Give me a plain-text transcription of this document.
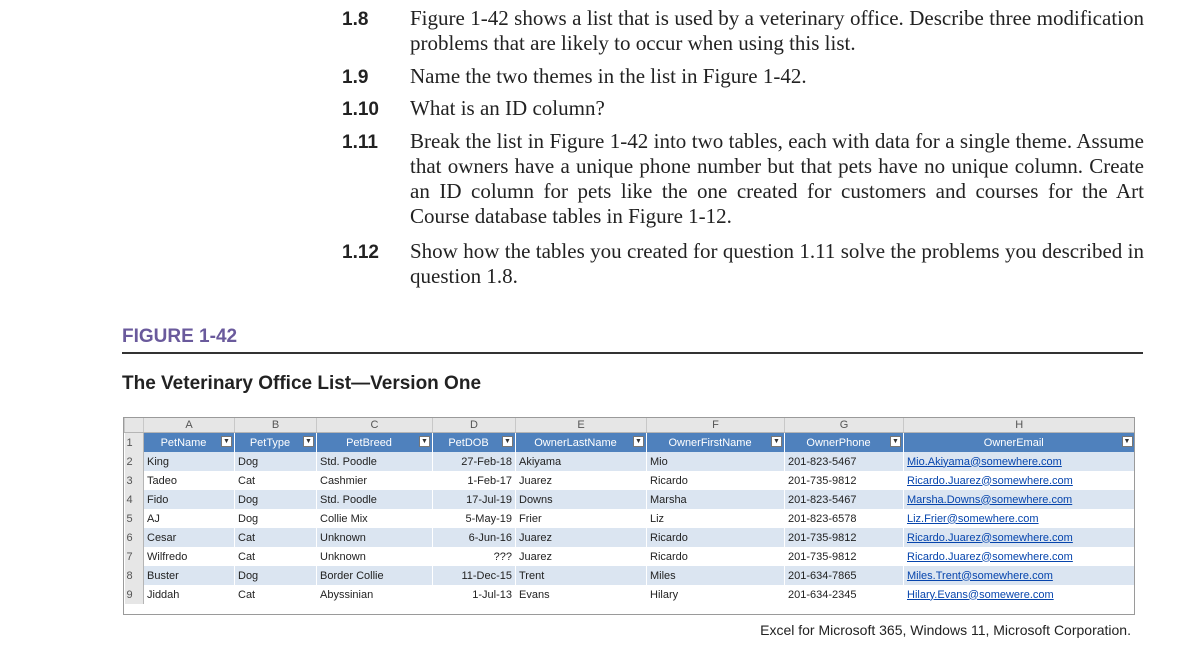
1.8 Figure 1-42 shows a list that is used by a veterinary office. Describe three modification problems that are likely to occur when using this list.
1.9 Name the two themes in the list in Figure 1-42.
1.10 What is an ID column?
1.11 Break the list in Figure 1-42 into two tables, each with data for a single theme. Assume that owners have a unique phone number but that pets have no unique column. Create an ID column for pets like the one created for customers and courses for the Art Course database tables in Figure 1-12.
1.12 Show how the tables you created for question 1.11 solve the problems you described in question 1.8.
FIGURE 1-42
The Veterinary Office List—Version One
	A	B	C	D	E	F	G	H
1	PetName ▼	PetType ▼	PetBreed ▼	PetDOB ▼	OwnerLastName ▼	OwnerFirstName ▼	OwnerPhone ▼	OwnerEmail ▼

2	King	Dog	Std. Poodle	27-Feb-18	Akiyama	Mio	201-823-5467	Mio.Akiyama@somewhere.com
3	Tadeo	Cat	Cashmier	1-Feb-17	Juarez	Ricardo	201-735-9812	Ricardo.Juarez@somewhere.com
4	Fido	Dog	Std. Poodle	17-Jul-19	Downs	Marsha	201-823-5467	Marsha.Downs@somewhere.com
5	AJ	Dog	Collie Mix	5-May-19	Frier	Liz	201-823-6578	Liz.Frier@somewhere.com
6	Cesar	Cat	Unknown	6-Jun-16	Juarez	Ricardo	201-735-9812	Ricardo.Juarez@somewhere.com
7	Wilfredo	Cat	Unknown	???	Juarez	Ricardo	201-735-9812	Ricardo.Juarez@somewhere.com
8	Buster	Dog	Border Collie	11-Dec-15	Trent	Miles	201-634-7865	Miles.Trent@somewhere.com
9	Jiddah	Cat	Abyssinian	1-Jul-13	Evans	Hilary	201-634-2345	Hilary.Evans@somewere.com
Excel for Microsoft 365, Windows 11, Microsoft Corporation.
